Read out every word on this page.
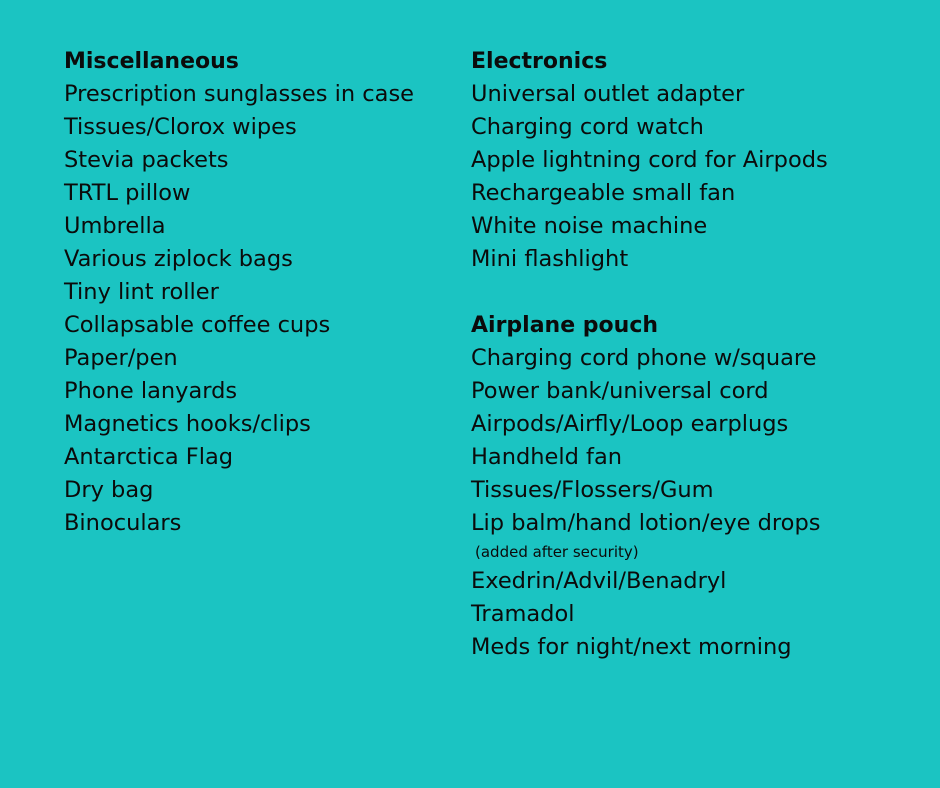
Miscellaneous
Prescription sunglasses in case
Tissues/Clorox wipes
Stevia packets
TRTL pillow
Umbrella
Various ziplock bags
Tiny lint roller
Collapsable coffee cups
Paper/pen
Phone lanyards
Magnetics hooks/clips
Antarctica Flag
Dry bag
Binoculars
Electronics
Universal outlet adapter
Charging cord watch
Apple lightning cord for Airpods
Rechargeable small fan
White noise machine
Mini flashlight
Airplane pouch
Charging cord phone w/square
Power bank/universal cord
Airpods/Airfly/Loop earplugs
Handheld fan
Tissues/Flossers/Gum
Lip balm/hand lotion/eye drops
(added after security)
Exedrin/Advil/Benadryl
Tramadol
Meds for night/next morning
